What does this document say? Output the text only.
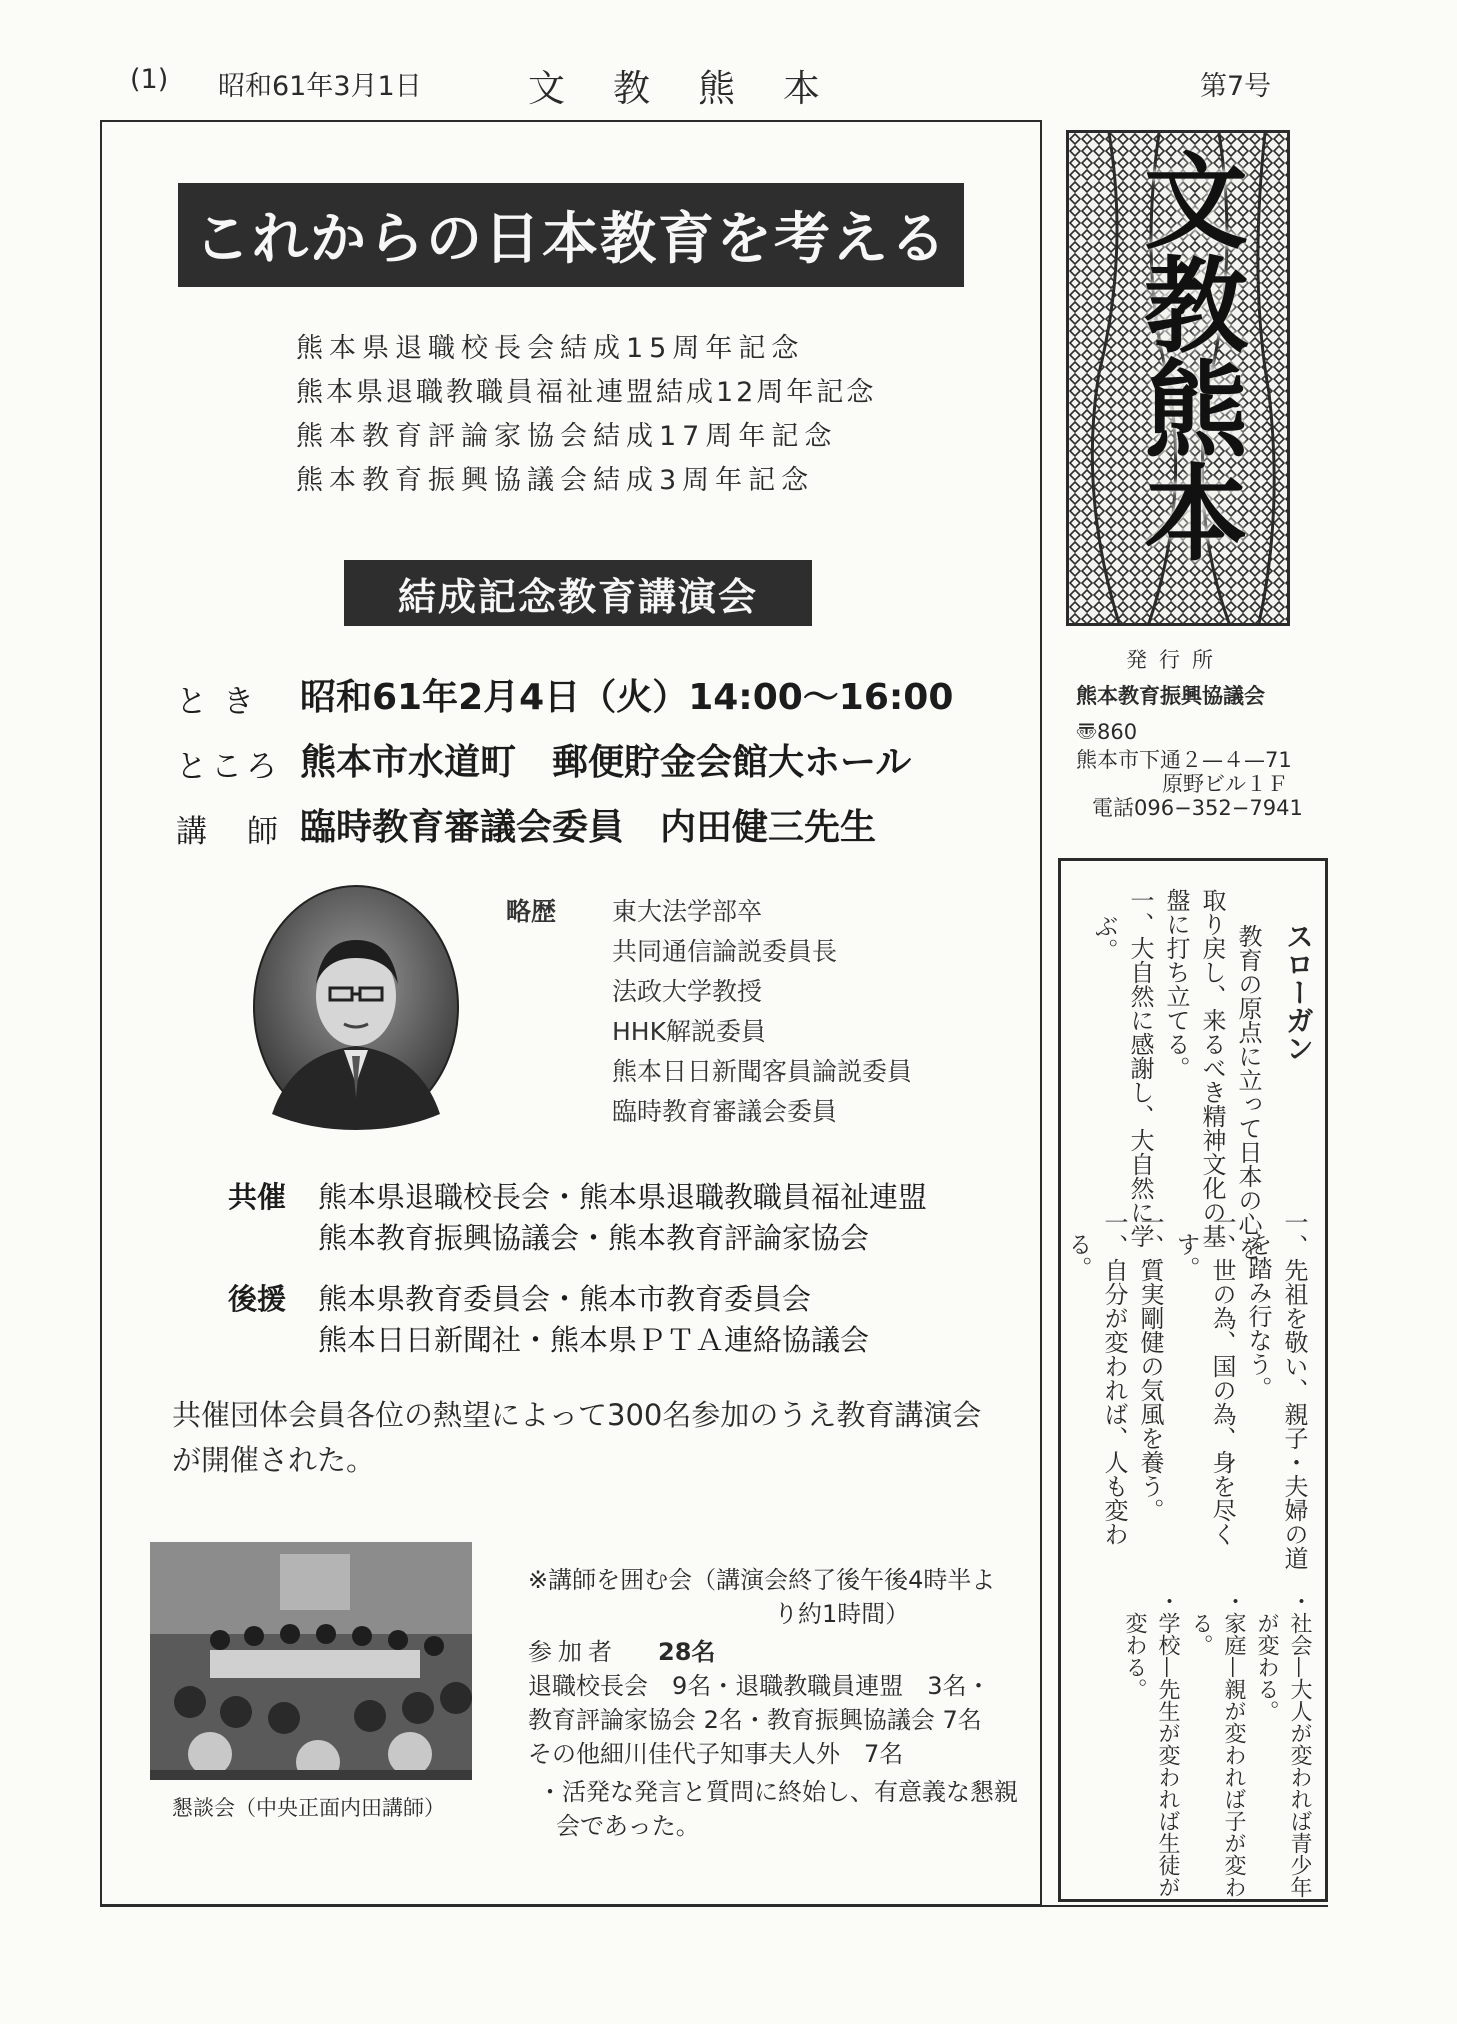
(1) 昭和61年3月1日	文教熊本	第7号
これからの日本教育を考える
熊本県退職校長会結成15周年記念
熊本県退職教職員福祉連盟結成12周年記念
熊本教育評論家協会結成17周年記念
熊本教育振興協議会結成3周年記念
結成記念教育講演会
とき 昭和61年2月4日（火）14:00〜16:00
ところ 熊本市水道町　郵便貯金会館大ホール
講師
臨時教育審議会委員　内田健三先生
略歴 東大法学部卒
共同通信論説委員長
法政大学教授
HHK解説委員
熊本日日新聞客員論説委員
臨時教育審議会委員
共催 熊本県退職校長会・熊本県退職教職員福祉連盟
熊本教育振興協議会・熊本教育評論家協会
後援 熊本県教育委員会・熊本市教育委員会
熊本日日新聞社・熊本県ＰＴＡ連絡協議会
共催団体会員各位の熱望によって300名参加のうえ教育講演会
が開催された。
懇談会（中央正面内田講師）
※講師を囲む会（講演会終了後午後4時半よ
り約1時間）
参加者 28名
退職校長会　9名・退職教職員連盟　3名・
教育評論家協会 2名・教育振興協議会 7名
その他細川佳代子知事夫人外　7名
・活発な発言と質問に終始し、有意義な懇親
会であった。
文教熊本
発行所
熊本教育振興協議会
〠860
熊本市下通２—４—71
原野ビル１Ｆ
電話096−352−7941
スローガン
教育の原点に立って日本の心を
取り戻し、来るべき精神文化の基
盤に打ち立てる。
一、大自然に感謝し、大自然に学
ぶ。
一、先祖を敬い、親子・夫婦の道
を踏み行なう。
一、世の為、国の為、身を尽く
す。
一、質実剛健の気風を養う。
一、自分が変われば、人も変わ
る。
・社会—大人が変われば青少年
が変わる。
・家庭—親が変われば子が変わ
る。
・学校—先生が変われば生徒が
変わる。
